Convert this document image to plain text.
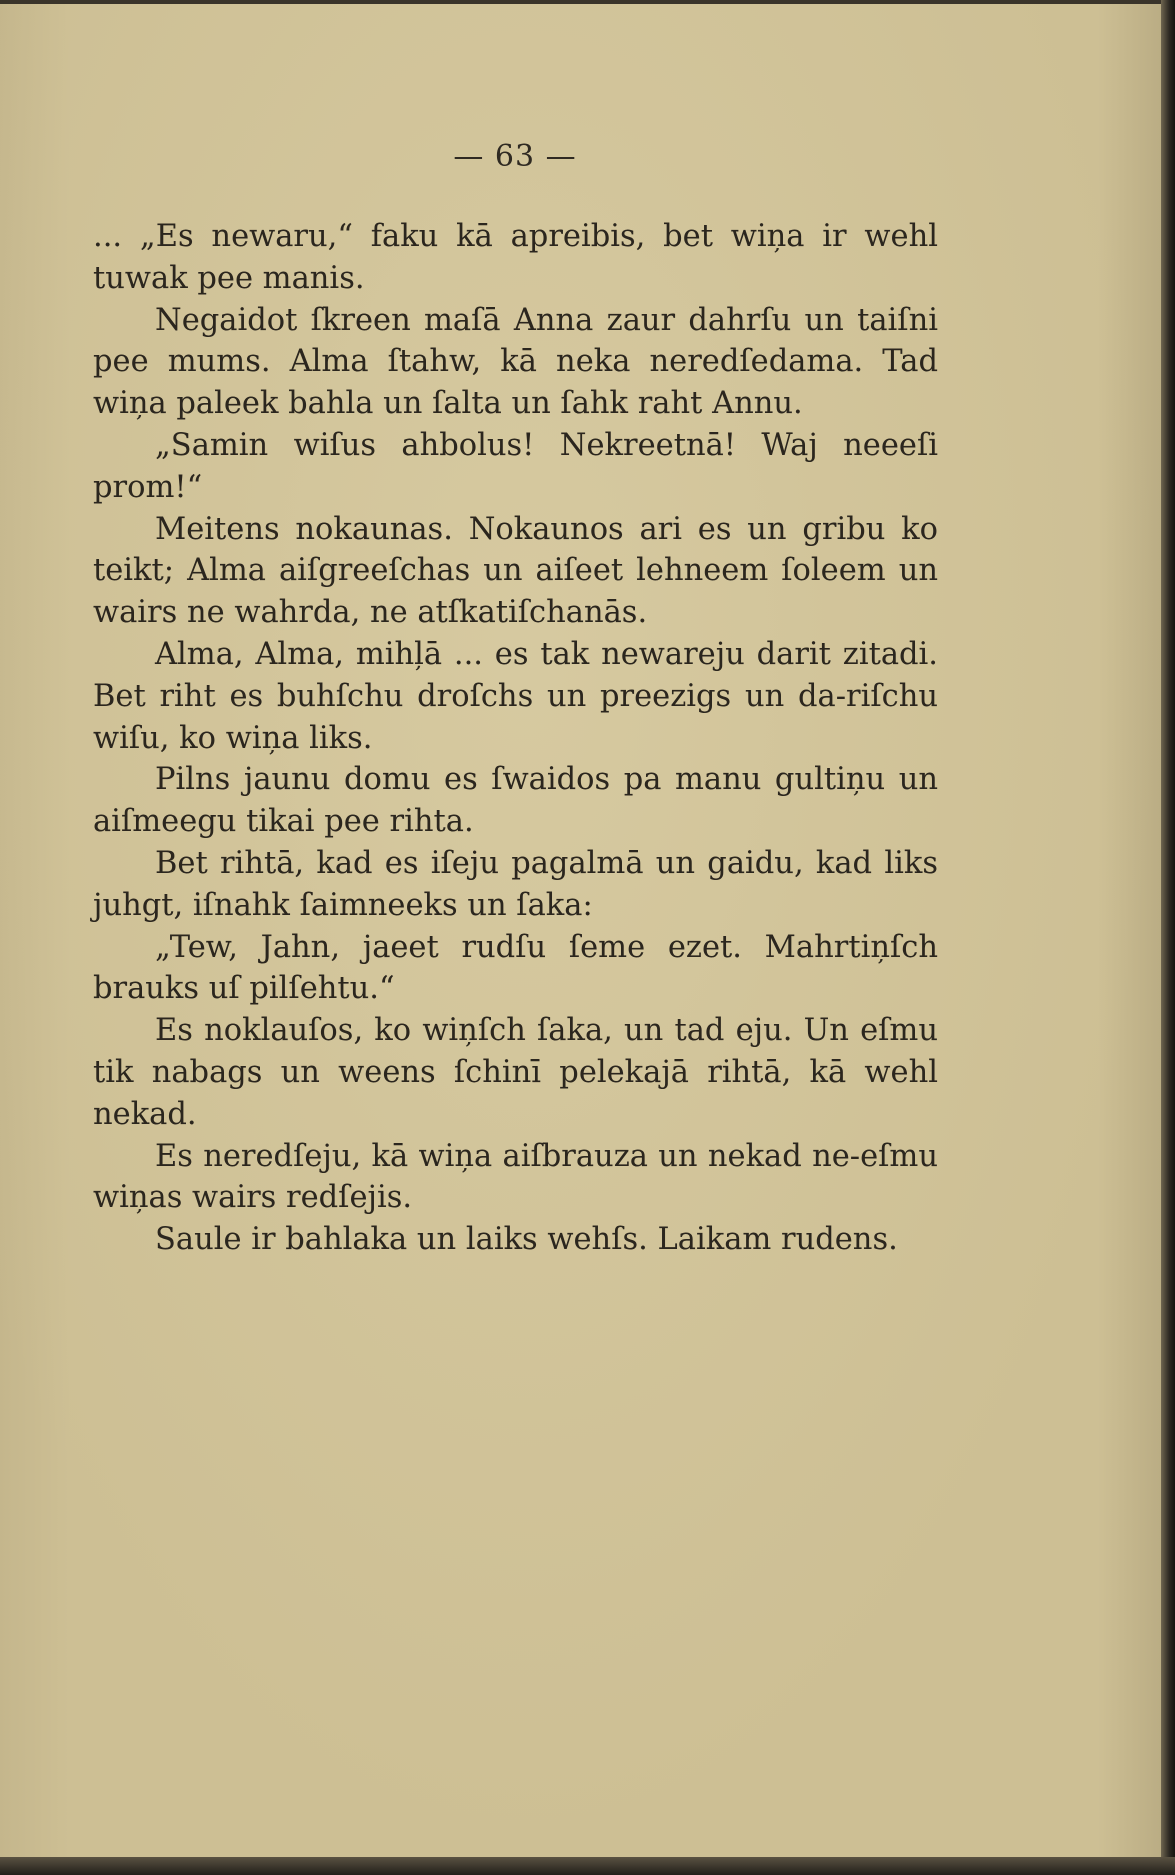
— 63 —

... „Es newaru,“ faku kā apreibis, bet wiņa ir wehl tuwak pee manis.

Negaidot ſkreen maſā Anna zaur dahrſu un taiſni pee mums. Alma ſtahw, kā neka neredſedama. Tad wiņa paleek bahla un ſalta un ſahk raht Annu.

„Samin wiſus ahbolus! Nekreetnā! Waj neeeſi prom!“

Meitens nokaunas. Nokaunos ari es un gribu ko teikt; Alma aiſgreeſchas un aiſeet lehneem ſoleem un wairs ne wahrda, ne atſkatiſchanās.

Alma, Alma, mihļā ... es tak newareju darit zitadi. Bet riht es buhſchu droſchs un preezigs un da-riſchu wiſu, ko wiņa liks.

Pilns jaunu domu es ſwaidos pa manu gultiņu un aiſmeegu tikai pee rihta.

Bet rihtā, kad es iſeju pagalmā un gaidu, kad liks juhgt, iſnahk ſaimneeks un ſaka:

„Tew, Jahn, jaeet rudſu ſeme ezet. Mahrtiņſch brauks uſ pilſehtu.“

Es noklauſos, ko wiņſch ſaka, un tad eju. Un eſmu tik nabags un weens ſchinī pelekajā rihtā, kā wehl nekad.

Es neredſeju, kā wiņa aiſbrauza un nekad ne-eſmu wiņas wairs redſejis.

Saule ir bahlaka un laiks wehſs. Laikam rudens.
